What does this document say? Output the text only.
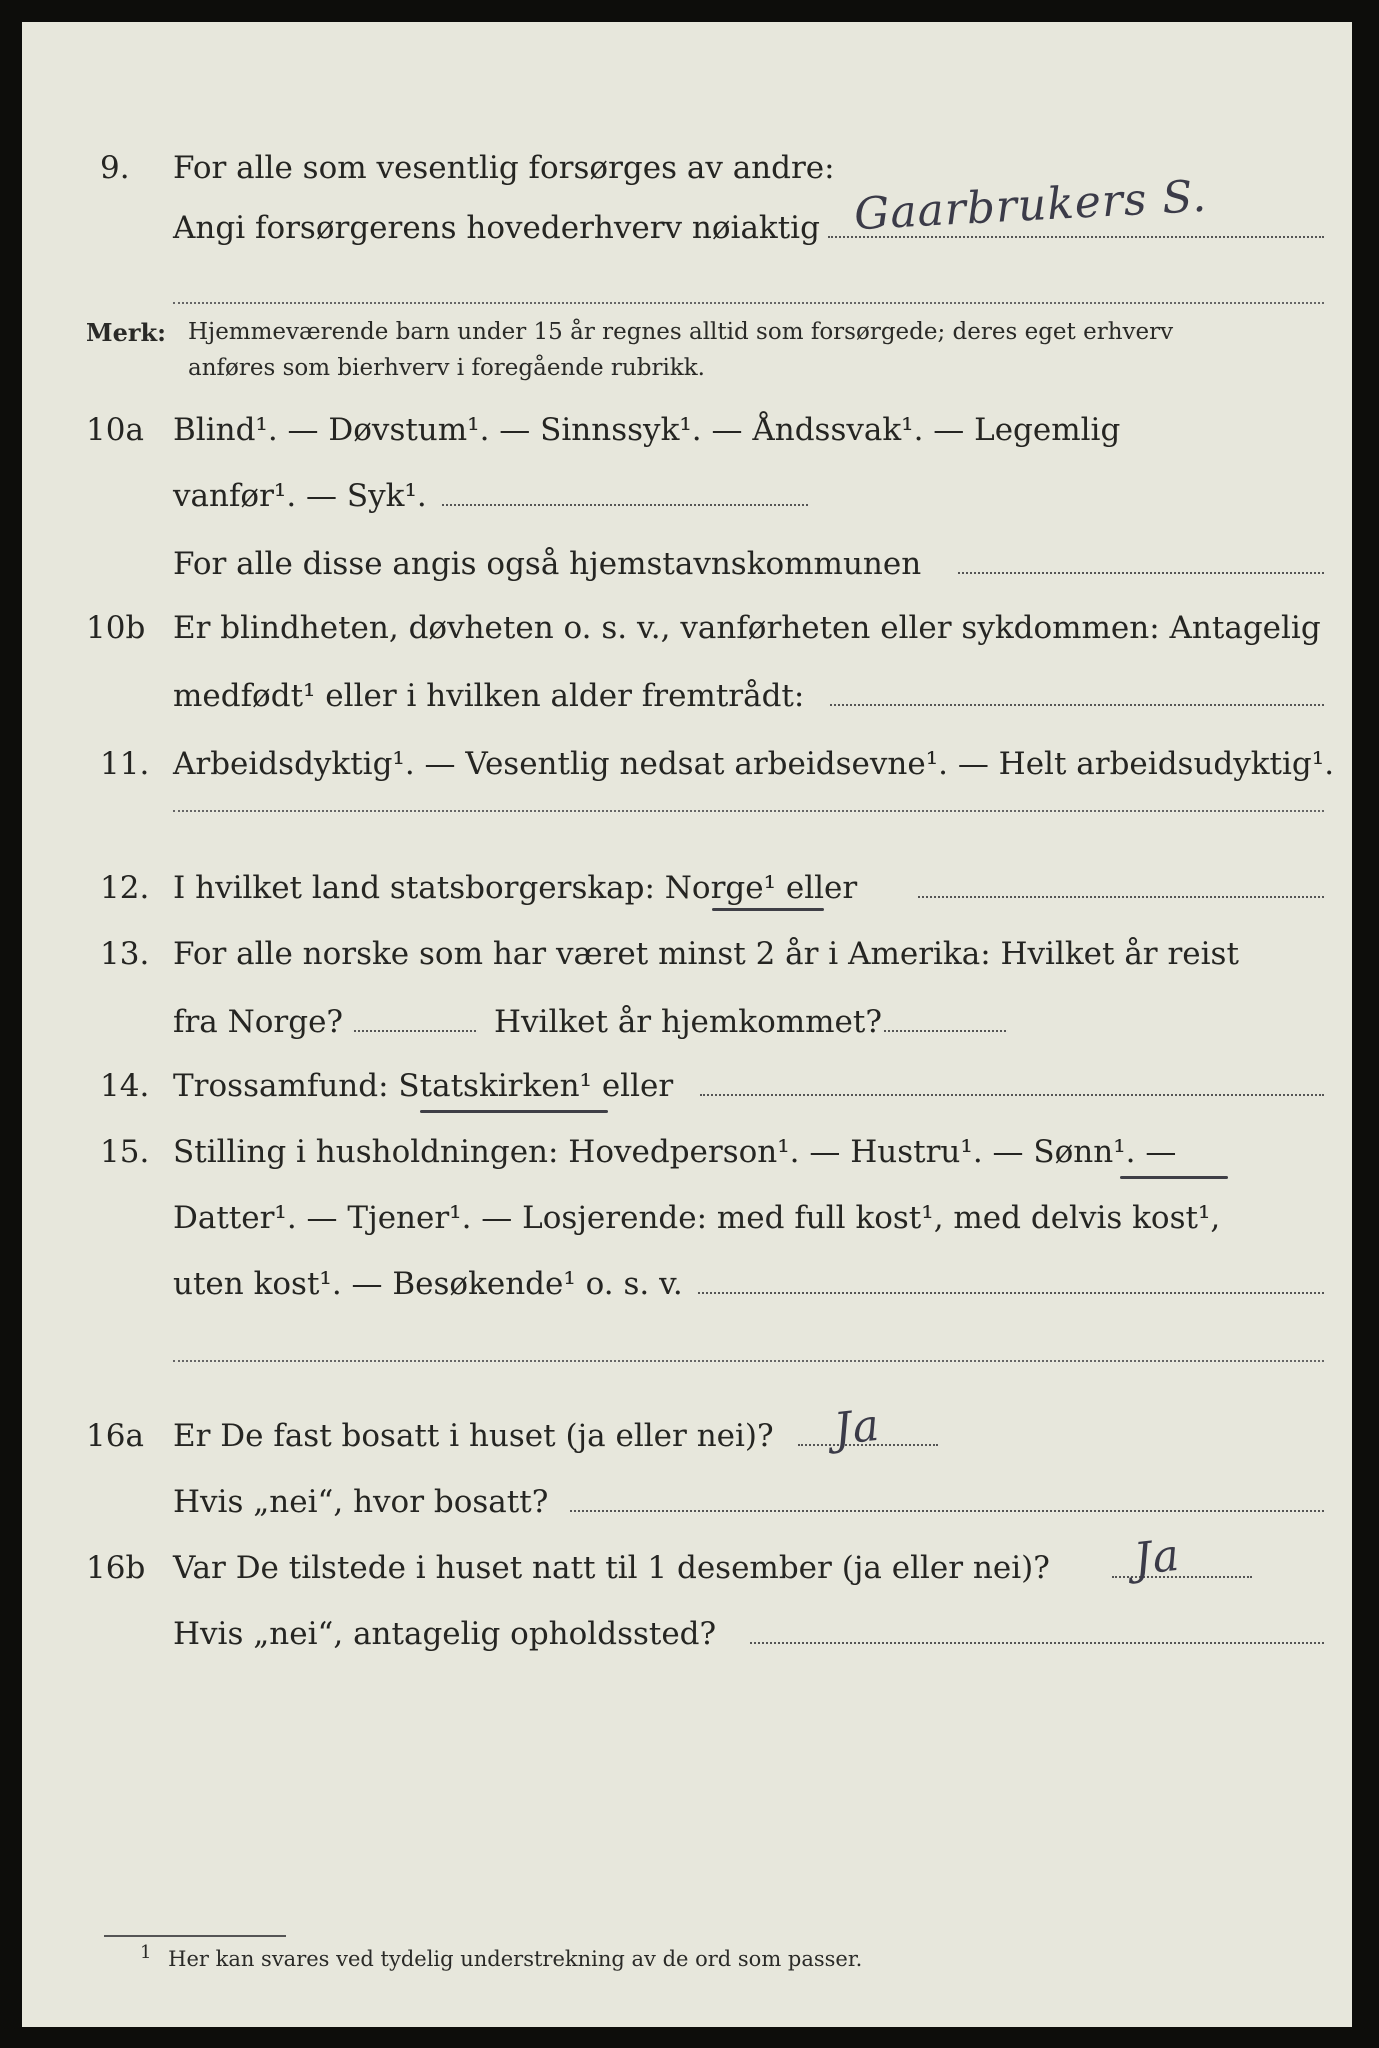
9. For alle som vesentlig forsørges av andre:
Angi forsørgerens hovederhverv nøiaktig Gaarbrukers S.
Merk: Hjemmeværende barn under 15 år regnes alltid som forsørgede; deres eget erhverv
anføres som bierhverv i foregående rubrikk.
10a Blind¹. — Døvstum¹. — Sinnssyk¹. — Åndssvak¹. — Legemlig
vanfør¹. — Syk¹.
For alle disse angis også hjemstavnskommunen
10b Er blindheten, døvheten o. s. v., vanførheten eller sykdommen: Antagelig
medfødt¹ eller i hvilken alder fremtrådt:
11. Arbeidsdyktig¹. — Vesentlig nedsat arbeidsevne¹. — Helt arbeidsudyktig¹.
12. I hvilket land statsborgerskap: Norge¹ eller
13. For alle norske som har været minst 2 år i Amerika: Hvilket år reist
fra Norge?	Hvilket år hjemkommet?
14. Trossamfund: Statskirken¹ eller
15. Stilling i husholdningen: Hovedperson¹. — Hustru¹. — Sønn¹. —
Datter¹. — Tjener¹. — Losjerende: med full kost¹, med delvis kost¹,
uten kost¹. — Besøkende¹ o. s. v.
16a Er De fast bosatt i huset (ja eller nei)? Ja
Hvis „nei“, hvor bosatt?
16b Var De tilstede i huset natt til 1 desember (ja eller nei)? Ja
Hvis „nei“, antagelig opholdssted?
1 Her kan svares ved tydelig understrekning av de ord som passer.
